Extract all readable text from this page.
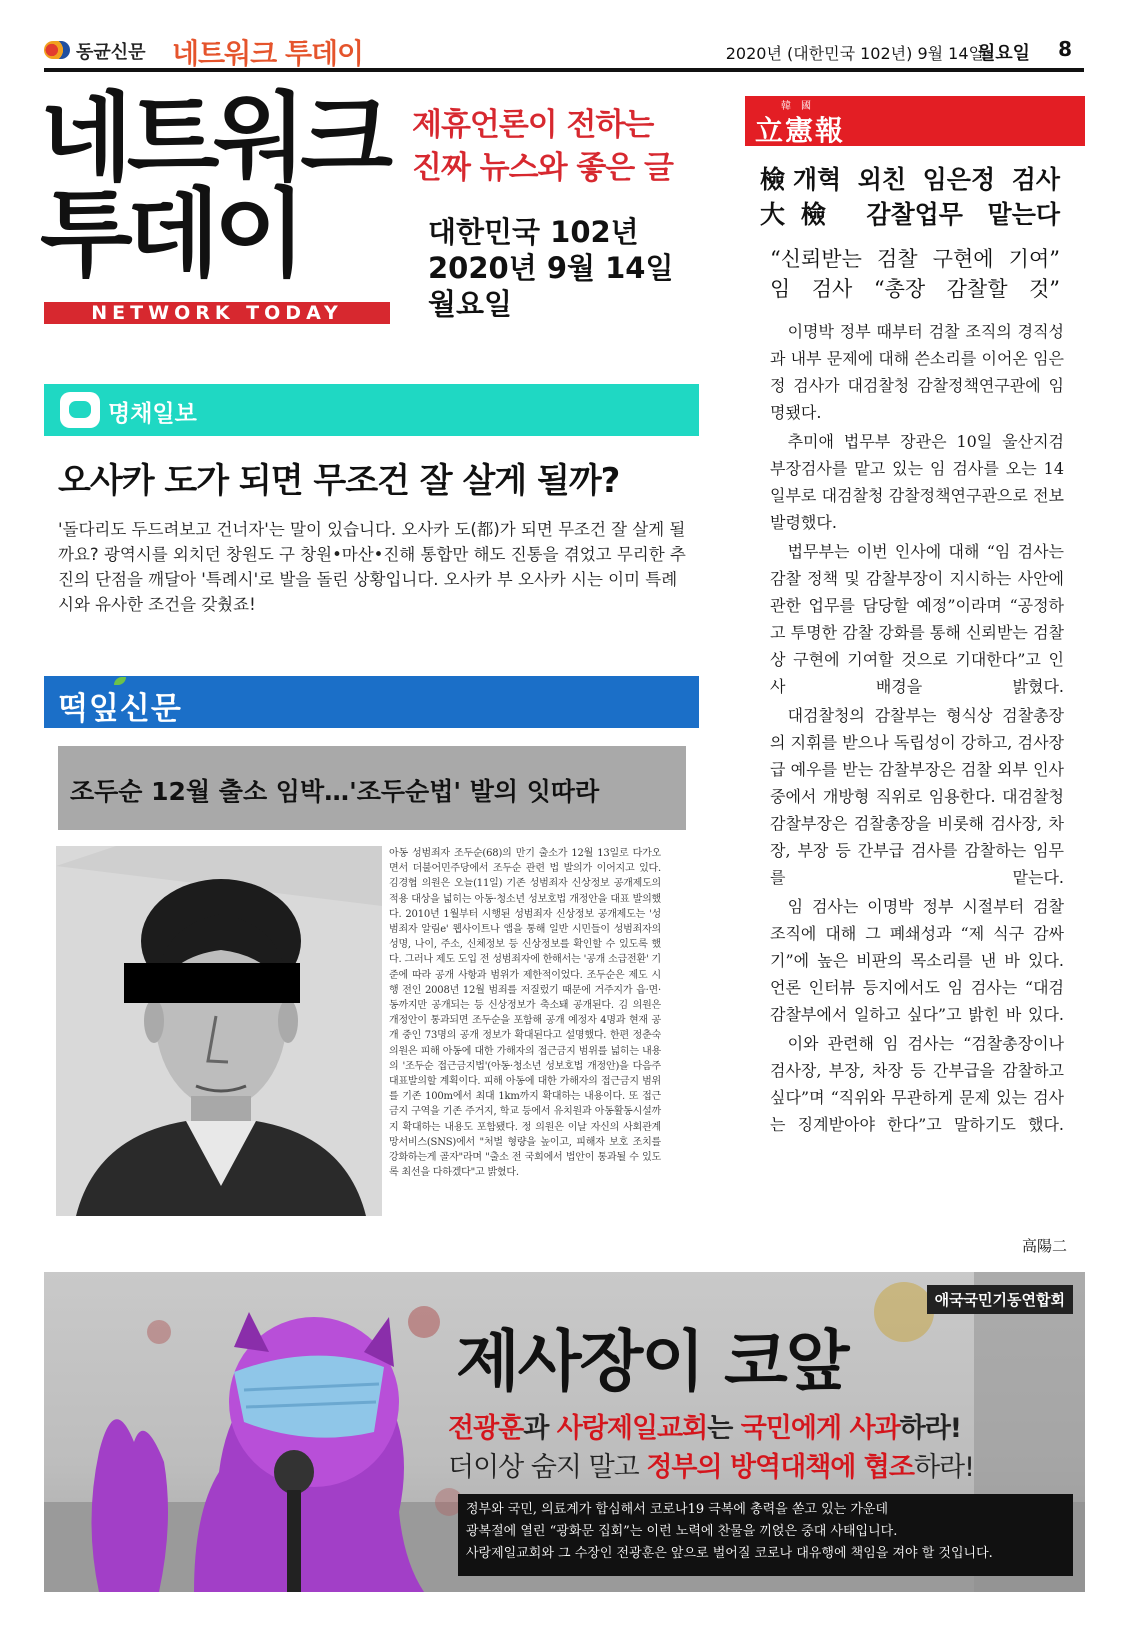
동균신문 네트워크 투데이	2020년 (대한민국 102년) 9월 14일
월요일 8
네트워크
투데이
NETWORK TODAY
제휴언론이 전하는
진짜 뉴스와 좋은 글
대한민국 102년
2020년 9월 14일
월요일
명채일보
오사카 도가 되면 무조건 잘 살게 될까?

'돌다리도 두드려보고 건너자'는 말이 있습니다. 오사카 도(都)가 되면 무조건 잘 살게 될까요? 광역시를 외치던 창원도 구 창원•마산•진해 통합만 해도 진통을 겪었고 무리한 추진의 단점을 깨달아 '특례시'로 발을 돌린 상황입니다. 오사카 부 오사카 시는 이미 특례시와 유사한 조건을 갖췄죠!

떡잎신문
조두순 12월 출소 임박…'조두순법' 발의 잇따라

아동 성범죄자 조두순(68)의 만기 출소가 12월 13일로 다가오면서 더불어민주당에서 조두순 관련 법 발의가 이어지고 있다. 김경협 의원은 오늘(11일) 기존 성범죄자 신상정보 공개제도의 적용 대상을 넓히는 아동·청소년 성보호법 개정안을 대표 발의했다. 2010년 1월부터 시행된 성범죄자 신상정보 공개제도는 '성범죄자 알림e' 웹사이트나 앱을 통해 일반 시민들이 성범죄자의 성명, 나이, 주소, 신체정보 등 신상정보를 확인할 수 있도록 했다. 그러나 제도 도입 전 성범죄자에 한해서는 '공개 소급전환' 기준에 따라 공개 사항과 범위가 제한적이었다. 조두순은 제도 시행 전인 2008년 12월 범죄를 저질렀기 때문에 거주지가 읍·면·동까지만 공개되는 등 신상정보가 축소돼 공개된다. 김 의원은 개정안이 통과되면 조두순을 포함해 공개 예정자 4명과 현재 공개 중인 73명의 공개 정보가 확대된다고 설명했다. 한편 정춘숙 의원은 피해 아동에 대한 가해자의 접근금지 범위를 넓히는 내용의 '조두순 접근금지법'(아동·청소년 성보호법 개정안)을 다음주 대표발의할 계획이다. 피해 아동에 대한 가해자의 접근금지 범위를 기존 100m에서 최대 1km까지 확대하는 내용이다. 또 접근금지 구역을 기존 주거지, 학교 등에서 유치원과 아동활동시설까지 확대하는 내용도 포함됐다. 정 의원은 이날 자신의 사회관계망서비스(SNS)에서 "처벌 형량을 높이고, 피해자 보호 조치를 강화하는게 골자"라며 "출소 전 국회에서 법안이 통과될 수 있도록 최선을 다하겠다"고 밝혔다.

韓國
立憲報
檢개혁 외친 임은정 검사
大檢 감찰업무 맡는다
“신뢰받는 검찰 구현에 기여”
임 검사 “총장 감찰할 것”

이명박 정부 때부터 검찰 조직의 경직성과 내부 문제에 대해 쓴소리를 이어온 임은정 검사가 대검찰청 감찰정책연구관에 임명됐다.

추미애 법무부 장관은 10일 울산지검 부장검사를 맡고 있는 임 검사를 오는 14일부로 대검찰청 감찰정책연구관으로 전보 발령했다.

법무부는 이번 인사에 대해 “임 검사는 감찰 정책 및 감찰부장이 지시하는 사안에 관한 업무를 담당할 예정”이라며 “공정하고 투명한 감찰 강화를 통해 신뢰받는 검찰상 구현에 기여할 것으로 기대한다”고 인사 배경을 밝혔다.

대검찰청의 감찰부는 형식상 검찰총장의 지휘를 받으나 독립성이 강하고, 검사장급 예우를 받는 감찰부장은 검찰 외부 인사 중에서 개방형 직위로 임용한다. 대검찰청 감찰부장은 검찰총장을 비롯해 검사장, 차장, 부장 등 간부급 검사를 감찰하는 임무를 맡는다.

임 검사는 이명박 정부 시절부터 검찰 조직에 대해 그 폐쇄성과 “제 식구 감싸기”에 높은 비판의 목소리를 낸 바 있다. 언론 인터뷰 등지에서도 임 검사는 “대검 감찰부에서 일하고 싶다”고 밝힌 바 있다.

이와 관련해 임 검사는 “검찰총장이나 검사장, 부장, 차장 등 간부급을 감찰하고 싶다”며 “직위와 무관하게 문제 있는 검사는 징계받아야 한다”고 말하기도 했다.

高陽二
애국국민기동연합회
제사장이 코앞
전광훈과 사랑제일교회는 국민에게 사과하라!
더이상 숨지 말고 정부의 방역대책에 협조하라!
정부와 국민, 의료계가 합심해서 코로나19 극복에 총력을 쏟고 있는 가운데
광복절에 열린 “광화문 집회”는 이런 노력에 찬물을 끼얹은 중대 사태입니다.
사랑제일교회와 그 수장인 전광훈은 앞으로 벌어질 코로나 대유행에 책임을 져야 할 것입니다.
